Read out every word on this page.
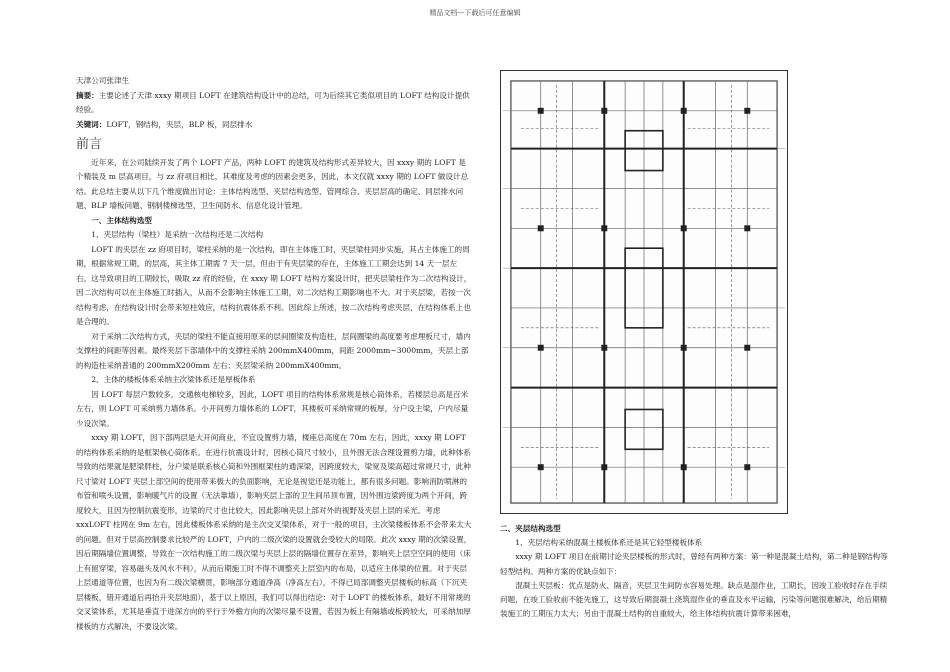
精品文档---下载后可任意编辑

天津公司张津生

摘要：主要论述了天津 xxxy 期项目 LOFT 在建筑结构设计中的总结，可为后续其它类似项目的 LOFT 结构设计提供经验。

关键词：LOFT，钢结构，夹层，BLP 板，同层排水

前言

近年来，在公司陆续开发了两个 LOFT 产品，两种 LOFT 的建筑及结构形式差异较大，因 xxxy 期的 LOFT 是个精装及 m 层高项目，与 zz 府项目相比，其难度及考虑的因素会更多，因此，本文仅就 xxxy 期的 LOFT 做设计总结。此总结主要从以下几个维度做出讨论：主体结构选型、夹层结构选型、管网综合、夹层层高的确定、同层排水问题、BLP 墙板问题、钢制楼梯选型、卫生间防水、信息化设计管理。

一、主体结构选型

1、夹层结构（梁柱）是采纳一次结构还是二次结构

LOFT 的夹层在 zz 府项目时，梁柱采纳的是一次结构，即在主体施工时，夹层梁柱同步实施，其占主体施工的周期，根据常规工期，的层高，其主体工期需 7 天一层，但由于有夹层梁的存在，主体施工工期会达到 14 天一层左右。这导致项目的工期较长，吸取 zz 府的经验，在 xxxy 期 LOFT 结构方案设计时，把夹层梁柱作为二次结构设计，因二次结构可以在主体施工时插入，从而不会影响主体施工工期，对二次结构工期影响也不大。对于夹层梁，若按一次结构考虑，在结构设计时会带来短柱效应，结构抗震体系不利。因此综上所述，按二次结构考虑夹层，在结构体系上也是合理的。

对于采纳二次结构方式，夹层的梁柱不能直接用原来的层间圈梁及构造柱，层间圈梁的高度要考虑埋板尺寸，墙内支撑柱的间距等因素。最终夹层下部墙体中的支撑柱采纳 200mmX400mm，间距 2000mm~3000mm，夹层上部的构造柱采纳普通的 200mmX200mm 左右；夹层梁采纳 200mmX400mm。

2、主体的楼板体系采纳主次梁体系还是厚板体系

因 LOFT 每层户数较多，交通核电梯较多，因此，LOFT 项目的结构体系常规是核心筒体系，若楼层总高是百米左右，则 LOFT 可采纳剪力墙体系。小开间剪力墙体系的 LOFT，其楼板可采纳常规的板厚，分户设主梁，户内尽量少设次梁。

xxxy 期 LOFT，因下部两层是大开间商业，不宜设置剪力墙，楼座总高度在 70m 左右，因此，xxxy 期 LOFT 的结构体系采纳的是框架核心筒体系。在进行抗震设计时，因核心筒尺寸较小，且外围无法合理设置剪力墙，此种体系导致的结果就是肥梁胖柱，分户梁是联系核心筒和外围框架柱的通深梁，因跨度较大，梁宽及梁高超过常规尺寸，此种尺寸梁对 LOFT 夹层上部空间的使用带来极大的负面影响，无论是视觉还是功能上，都有很多问题。影响消防喷淋的布管和喷头设置，影响暖气片的设置（无法靠墙），影响夹层上部的卫生间吊顶布置，因外围边梁跨度为两个开间，跨度较大，且因为控制抗震变形，边梁的尺寸也比较大，因此影响夹层上部对外的视野及夹层上层的采光。考虑 xxxLOFT 柱网在 9m 左右，因此楼板体系采纳的是主次交叉梁体系，对于一般的项目，主次梁楼板体系不会带来太大的问题。但对于层高控制要求比较严的 LOFT，户内的二级次梁的设置就会受较大的局限。此次 xxxy 期的次梁设置，因后期隔墙位置调整，导致在一次结构施工的二级次梁与夹层上层的隔墙位置存在差异，影响夹上层空空间的使用（床上有留穿梁，容易磁头及风水不利），从而后期施工时不得不调整夹上层室内的布局，以适应主体梁的位置。对于夹层上层通道等位置，也因为有二级次梁横贯，影响部分通道净高（净高左右），不得已局部调整夹层楼板的标高（下沉夹层楼板，错开通道后再抬升夹层地面），基于以上原因，我们可以得出结论：对于 LOFT 的楼板体系，最好不用常规的交叉梁体系，尤其是垂直于进深方向的平行于外檐方向的次梁尽量不设置，若因为板上有隔墙或板跨较大，可采纳加厚楼板的方式解决，不要设次梁。

二、夹层结构选型

1、夹层结构采纳混凝土楼板体系还是其它轻型楼板体系

xxxy 期 LOFT 项目在前期讨论夹层楼板的形式时，曾经有两种方案：第一种是混凝土结构，第二种是钢结构等轻型结构。两种方案的优缺点如下：

混凝土夹层板：优点是防火、隔音，夹层卫生间防水容易处理。缺点是湿作业，工期长，因竣工验收时存在手续问题，在竣工验收前不能先施工，这导致后期混凝土浇筑湿作业的垂直及水平运输，污染等问题很难解决，给后期精装施工的工期压力太大；另由于混凝土结构的自重较大，给主体结构抗震计算带来困难，
